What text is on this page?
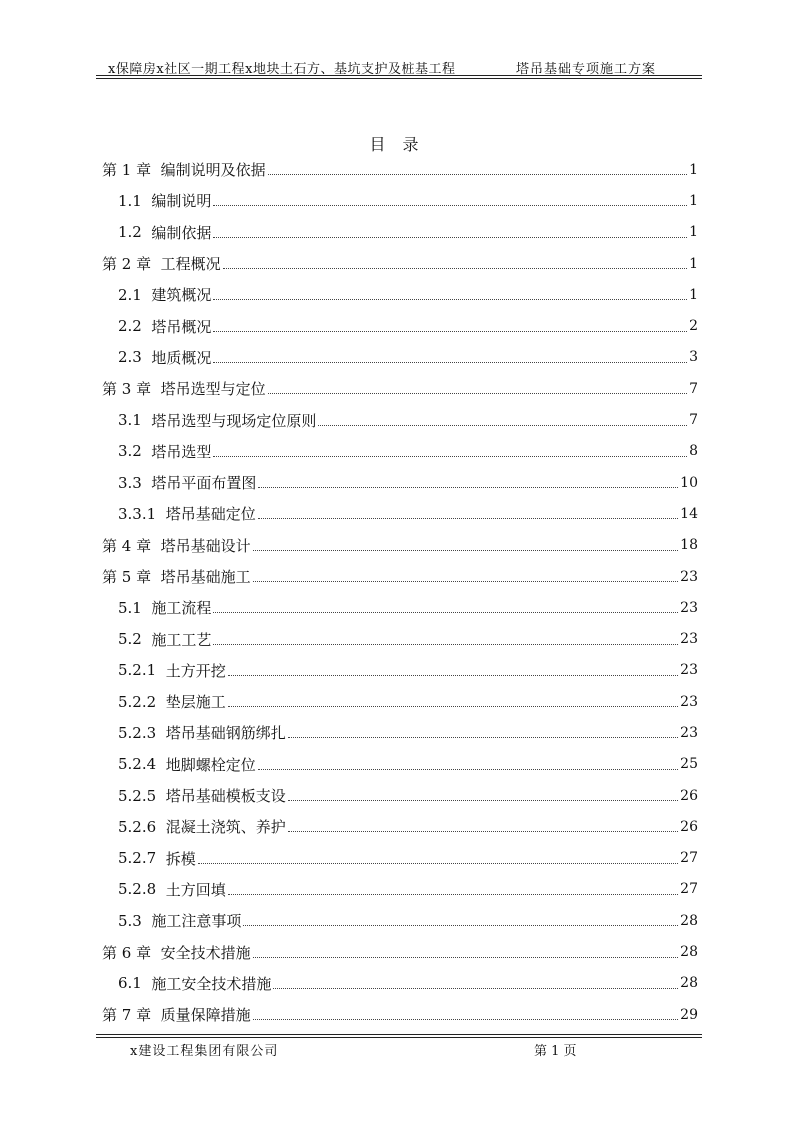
x保障房x社区一期工程x地块土石方、基坑支护及桩基工程	塔吊基础专项施工方案
目 录
第 1 章 编制说明及依据	1
1.1 编制说明	1
1.2 编制依据	1
第 2 章 工程概况	1
2.1 建筑概况	1
2.2 塔吊概况	2
2.3 地质概况	3
第 3 章 塔吊选型与定位	7
3.1 塔吊选型与现场定位原则	7
3.2 塔吊选型	8
3.3 塔吊平面布置图	10
3.3.1 塔吊基础定位	14
第 4 章 塔吊基础设计	18
第 5 章 塔吊基础施工	23
5.1 施工流程	23
5.2 施工工艺	23
5.2.1 土方开挖	23
5.2.2 垫层施工	23
5.2.3 塔吊基础钢筋绑扎	23
5.2.4 地脚螺栓定位	25
5.2.5 塔吊基础模板支设	26
5.2.6 混凝土浇筑、养护	26
5.2.7 拆模	27
5.2.8 土方回填	27
5.3 施工注意事项	28
第 6 章 安全技术措施	28
6.1 施工安全技术措施	28
第 7 章 质量保障措施	29
x建设工程集团有限公司	第 1 页
